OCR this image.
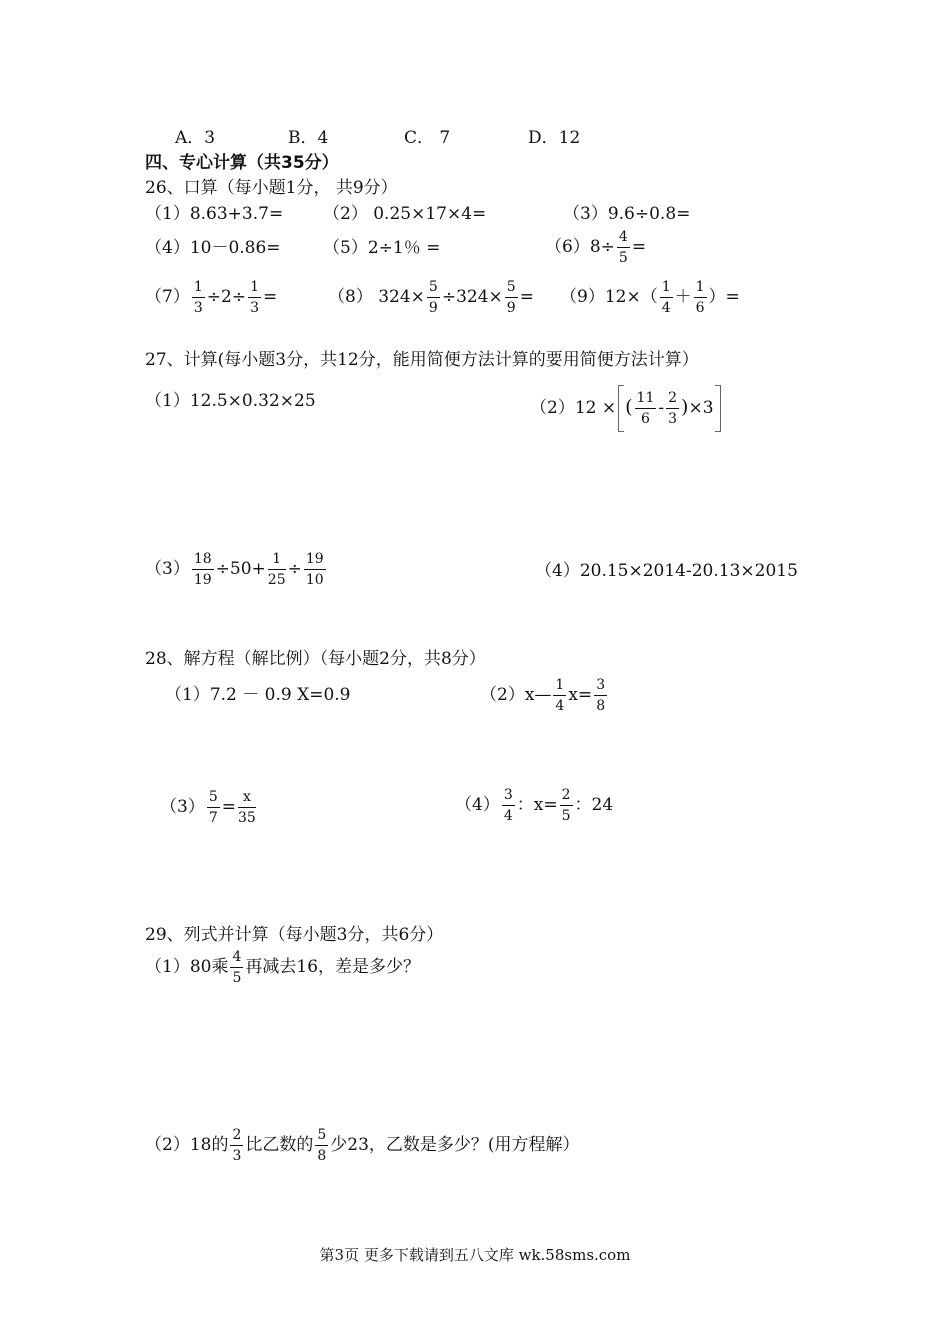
A．3	B．4	C． 7	D．12
四、专心计算（共35分）
26、口算（每小题1分， 共9分）
（1）8.63+3.7= （2） 0.25×17×4=	（3）9.6÷0.8=
（4）10－0.86= （5）2÷1％ =	$(6)8\div \frac{4}{5}$ =
$(7) \frac{1}{3} \div 2\div \frac{1}{3}$ =	（8） $324\times \frac{5}{9} \div 324\times \frac{5}{9} = (9)12\times( \frac{1}{4} + \frac{1}{6}$ ）=
27、计算(每小题3分，共12分，能用简便方法计算的要用简便方法计算）
（1）12.5×0.32×25	（2）12 × ( $\frac{11}{6} - \frac{2}{3} )\times 3$
$(3) \frac{18}{19} \div 50+ \frac{1}{25} \div \frac{19}{10}$	（4）20.15×2014-20.13×2015
28、解方程（解比例）（每小题2分，共8分）
（1）7.2 － 0.9 X=0.9	（2）x— $\frac{1}{4} x= \frac{3}{8}$
$(3) \frac{5}{7} = \frac{x}{35}$	$(4) \frac{3}{4}$ ：$x= \frac{2}{5}$ ：24
29、列式并计算（每小题3分，共6分）
（1）80乘 $\frac{4}{5}$ 再减去16，差是多少？
（2）18的 $\frac{2}{3}$ 比乙数的 $\frac{5}{8}$ 少23，乙数是多少？(用方程解）
第3页 更多下载请到五八文库 wk.58sms.com
